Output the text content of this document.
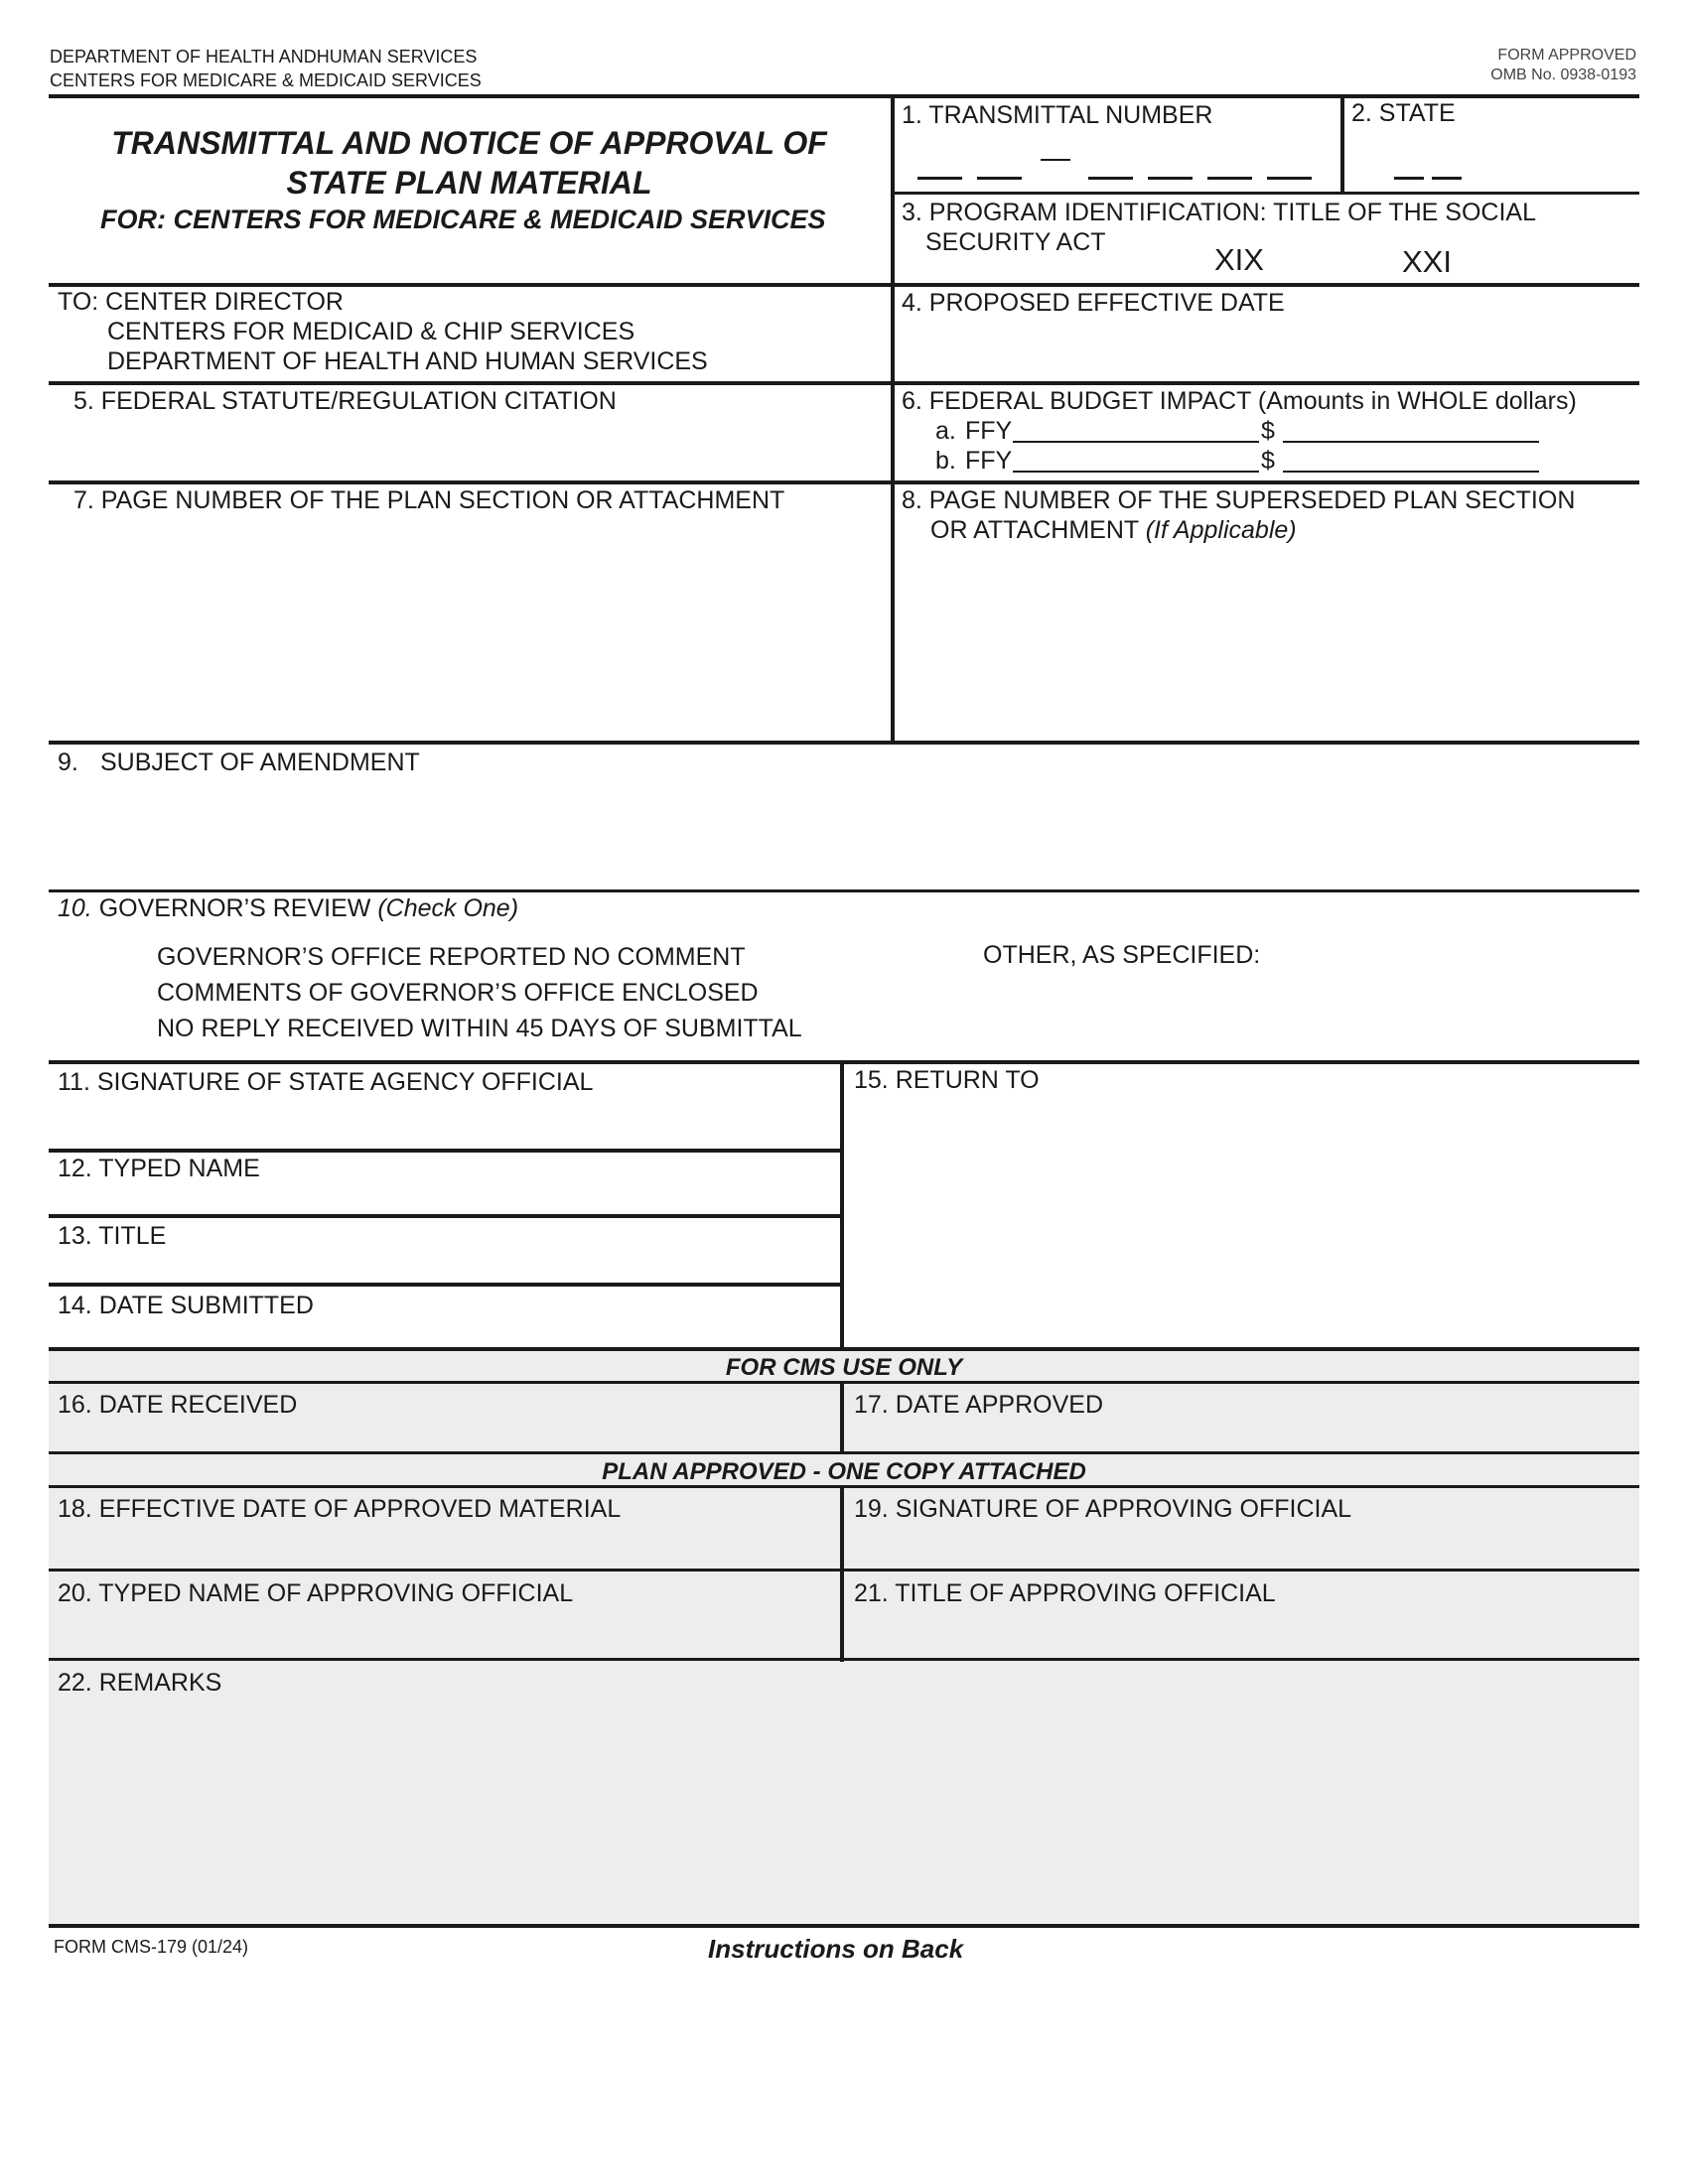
DEPARTMENT OF HEALTH ANDHUMAN SERVICES
CENTERS FOR MEDICARE & MEDICAID SERVICES
FORM APPROVED
OMB No. 0938-0193
TRANSMITTAL AND NOTICE OF APPROVAL OF
STATE PLAN MATERIAL
FOR: CENTERS FOR MEDICARE & MEDICAID SERVICES
1. TRANSMITTAL NUMBER	2. STATE
3. PROGRAM IDENTIFICATION: TITLE OF THE SOCIAL
SECURITY ACT	XIX	XXI
TO: CENTER DIRECTOR
CENTERS FOR MEDICAID & CHIP SERVICES
DEPARTMENT OF HEALTH AND HUMAN SERVICES
4. PROPOSED EFFECTIVE DATE
5. FEDERAL STATUTE/REGULATION CITATION	6. FEDERAL BUDGET IMPACT (Amounts in WHOLE dollars)
a. FFY	$
b. FFY	$
7. PAGE NUMBER OF THE PLAN SECTION OR ATTACHMENT	8. PAGE NUMBER OF THE SUPERSEDED PLAN SECTION
OR ATTACHMENT (If Applicable)
9. SUBJECT OF AMENDMENT
10. GOVERNOR’S REVIEW (Check One)
GOVERNOR’S OFFICE REPORTED NO COMMENT
COMMENTS OF GOVERNOR’S OFFICE ENCLOSED
NO REPLY RECEIVED WITHIN 45 DAYS OF SUBMITTAL
OTHER, AS SPECIFIED:
11. SIGNATURE OF STATE AGENCY OFFICIAL
12. TYPED NAME
13. TITLE
14. DATE SUBMITTED
15. RETURN TO
FOR CMS USE ONLY
16. DATE RECEIVED	17. DATE APPROVED
PLAN APPROVED - ONE COPY ATTACHED
18. EFFECTIVE DATE OF APPROVED MATERIAL	19. SIGNATURE OF APPROVING OFFICIAL
20. TYPED NAME OF APPROVING OFFICIAL	21. TITLE OF APPROVING OFFICIAL
22. REMARKS
FORM CMS-179 (01/24)	Instructions on Back
